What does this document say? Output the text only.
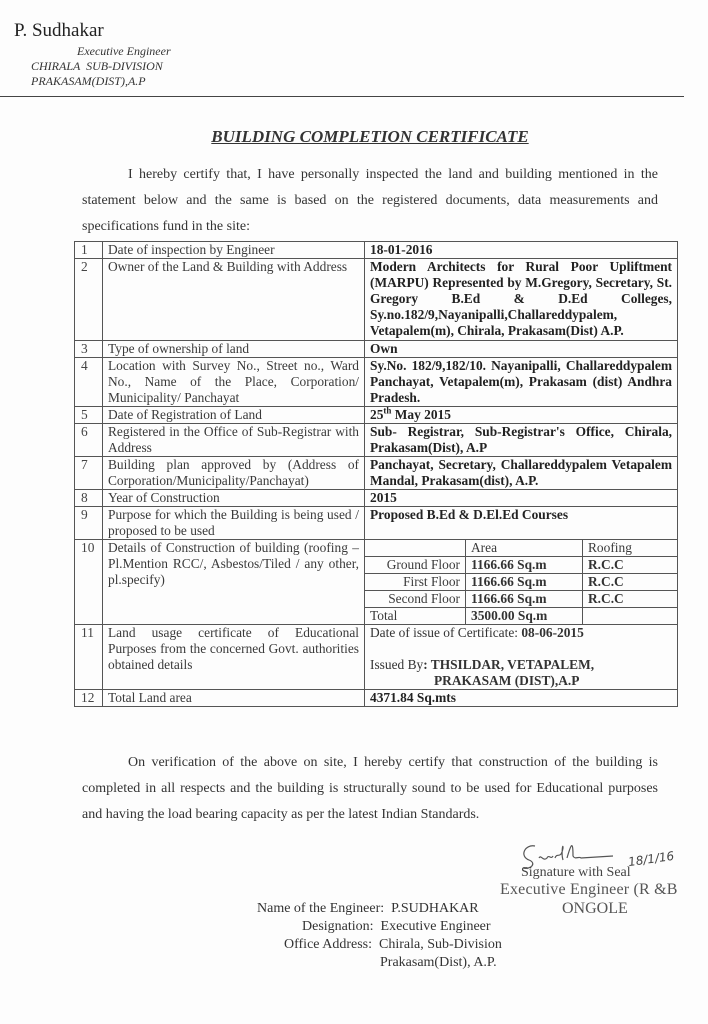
P. Sudhakar
Executive Engineer
CHIRALA  SUB-DIVISION
PRAKASAM(DIST),A.P
BUILDING COMPLETION CERTIFICATE
I hereby certify that, I have personally inspected the land and building mentioned in the statement below and the same is based on the registered documents, data measurements and specifications fund in the site:
1	Date of inspection by Engineer	18-01-2016
2	Owner of the Land & Building with Address	Modern Architects for Rural Poor Upliftment (MARPU) Represented by M.Gregory, Secretary, St. Gregory B.Ed & D.Ed Colleges, Sy.no.182/9,Nayanipalli,Challareddypalem, Vetapalem(m), Chirala, Prakasam(Dist) A.P.
3	Type of ownership of land	Own
4	Location with Survey No., Street no., Ward No., Name of the Place, Corporation/ Municipality/ Panchayat	Sy.No. 182/9,182/10. Nayanipalli, Challareddypalem Panchayat, Vetapalem(m), Prakasam (dist) Andhra Pradesh.
5	Date of Registration of Land	25th May 2015
6	Registered in the Office of Sub-Registrar with Address	Sub- Registrar, Sub-Registrar's Office, Chirala, Prakasam(Dist), A.P
7	Building plan approved by (Address of Corporation/Municipality/Panchayat)	Panchayat, Secretary, Challareddypalem Vetapalem Mandal, Prakasam(dist), A.P.
8	Year of Construction	2015
9	Purpose for which the Building is being used / proposed to be used	Proposed B.Ed & D.El.Ed Courses
10	Details of Construction of building (roofing –Pl.Mention RCC/, Asbestos/Tiled / any other, pl.specify)	
	Area	Roofing
Ground Floor	1166.66 Sq.m	R.C.C
First Floor	1166.66 Sq.m	R.C.C
Second Floor	1166.66 Sq.m	R.C.C
Total	3500.00 Sq.m	

11	Land usage certificate of Educational Purposes from the concerned Govt. authorities obtained details	
Date of issue of Certificate: 08-06-2015
Issued By: THSILDAR, VETAPALEM,
PRAKASAM (DIST),A.P

12	Total Land area	4371.84 Sq.mts
On verification of the above on site, I hereby certify that construction of the building is completed in all respects and the building is structurally sound to be used for Educational purposes and having the load bearing capacity as per the latest Indian Standards.
18/1/16
Signature with Seal
Executive Engineer (R &B
ONGOLE
Name of the Engineer:  P.SUDHAKAR
Designation:  Executive Engineer
Office Address:  Chirala, Sub-Division
Prakasam(Dist), A.P.
